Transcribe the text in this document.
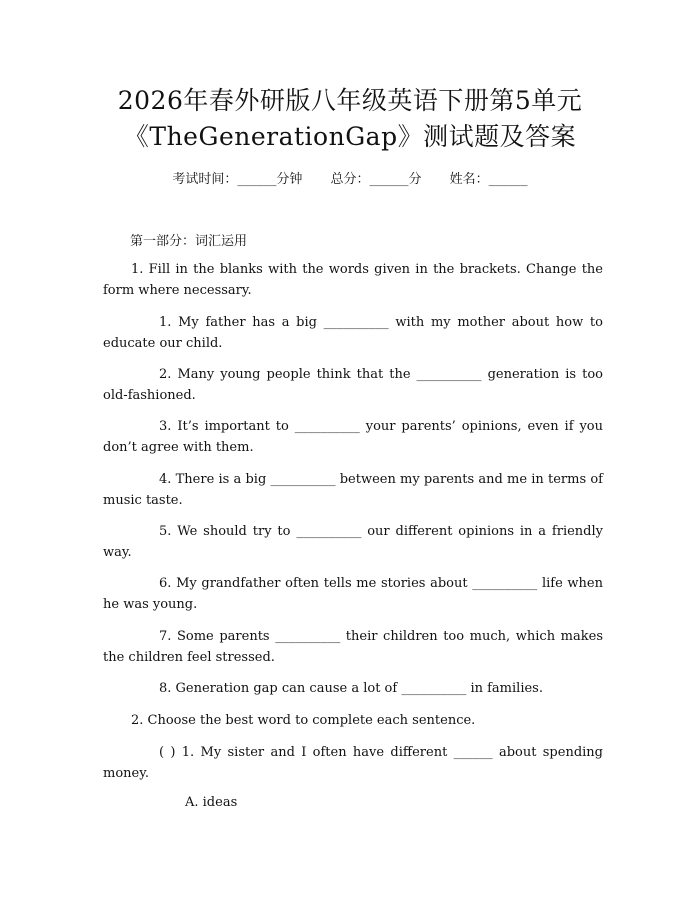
2026年春外研版八年级英语下册第5单元
《TheGenerationGap》测试题及答案
考试时间：______分钟 总分：______分 姓名：______
第一部分：词汇运用
1. Fill in the blanks with the words given in the brackets. Change the form where necessary.
1. My father has a big __________ with my mother about how to educate our child.
2. Many young people think that the __________ generation is too old-fashioned.
3. It’s important to __________ your parents’ opinions, even if you don’t agree with them.
4. There is a big __________ between my parents and me in terms of music taste.
5. We should try to __________ our different opinions in a friendly way.
6. My grandfather often tells me stories about __________ life when he was young.
7. Some parents __________ their children too much, which makes the children feel stressed.
8. Generation gap can cause a lot of __________ in families.
2. Choose the best word to complete each sentence.
( ) 1. My sister and I often have different ______ about spending money.
A. ideas
